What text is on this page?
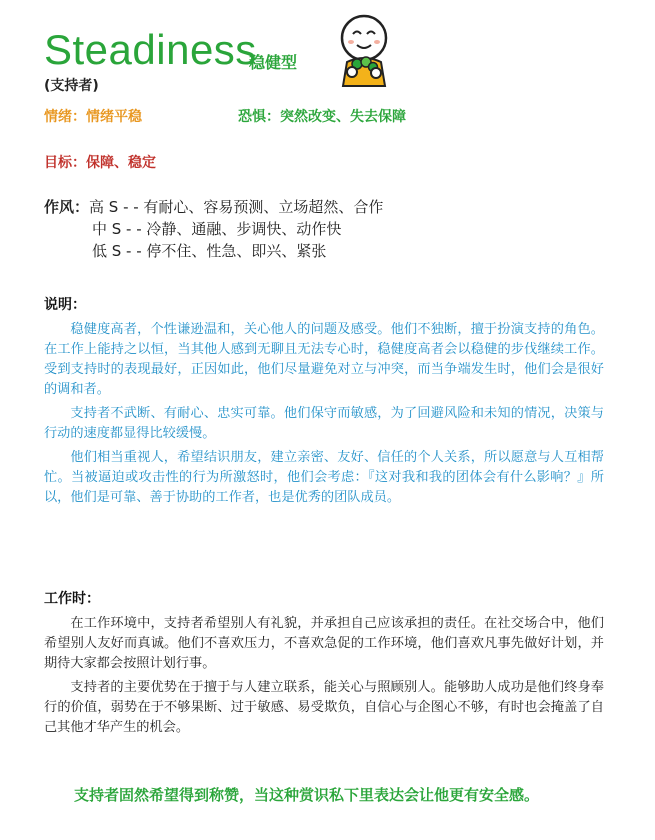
Steadiness
稳健型
(支持者)
情绪：情绪平稳	恐惧：突然改变、失去保障
目标：保障、稳定
作风：高 S - - 有耐心、容易预测、立场超然、合作
中 S - - 冷静、通融、步调快、动作快
低 S - - 停不住、性急、即兴、紧张
说明：

稳健度高者，个性谦逊温和，关心他人的问题及感受。他们不独断，擅于扮演支持的角色。在工作上能持之以恒，当其他人感到无聊且无法专心时，稳健度高者会以稳健的步伐继续工作。受到支持时的表现最好，正因如此，他们尽量避免对立与冲突，而当争端发生时，他们会是很好的调和者。

支持者不武断、有耐心、忠实可靠。他们保守而敏感，为了回避风险和未知的情况，决策与行动的速度都显得比较缓慢。

他们相当重视人，希望结识朋友，建立亲密、友好、信任的个人关系，所以愿意与人互相帮忙。当被逼迫或攻击性的行为所激怒时，他们会考虑：『这对我和我的团体会有什么影响？』所以，他们是可靠、善于协助的工作者，也是优秀的团队成员。

工作时：

在工作环境中，支持者希望别人有礼貌，并承担自己应该承担的责任。在社交场合中，他们希望别人友好而真诚。他们不喜欢压力，不喜欢急促的工作环境，他们喜欢凡事先做好计划，并期待大家都会按照计划行事。

支持者的主要优势在于擅于与人建立联系，能关心与照顾别人。能够助人成功是他们终身奉行的价值，弱势在于不够果断、过于敏感、易受欺负，自信心与企图心不够，有时也会掩盖了自己其他才华产生的机会。

支持者固然希望得到称赞，当这种赏识私下里表达会让他更有安全感。
